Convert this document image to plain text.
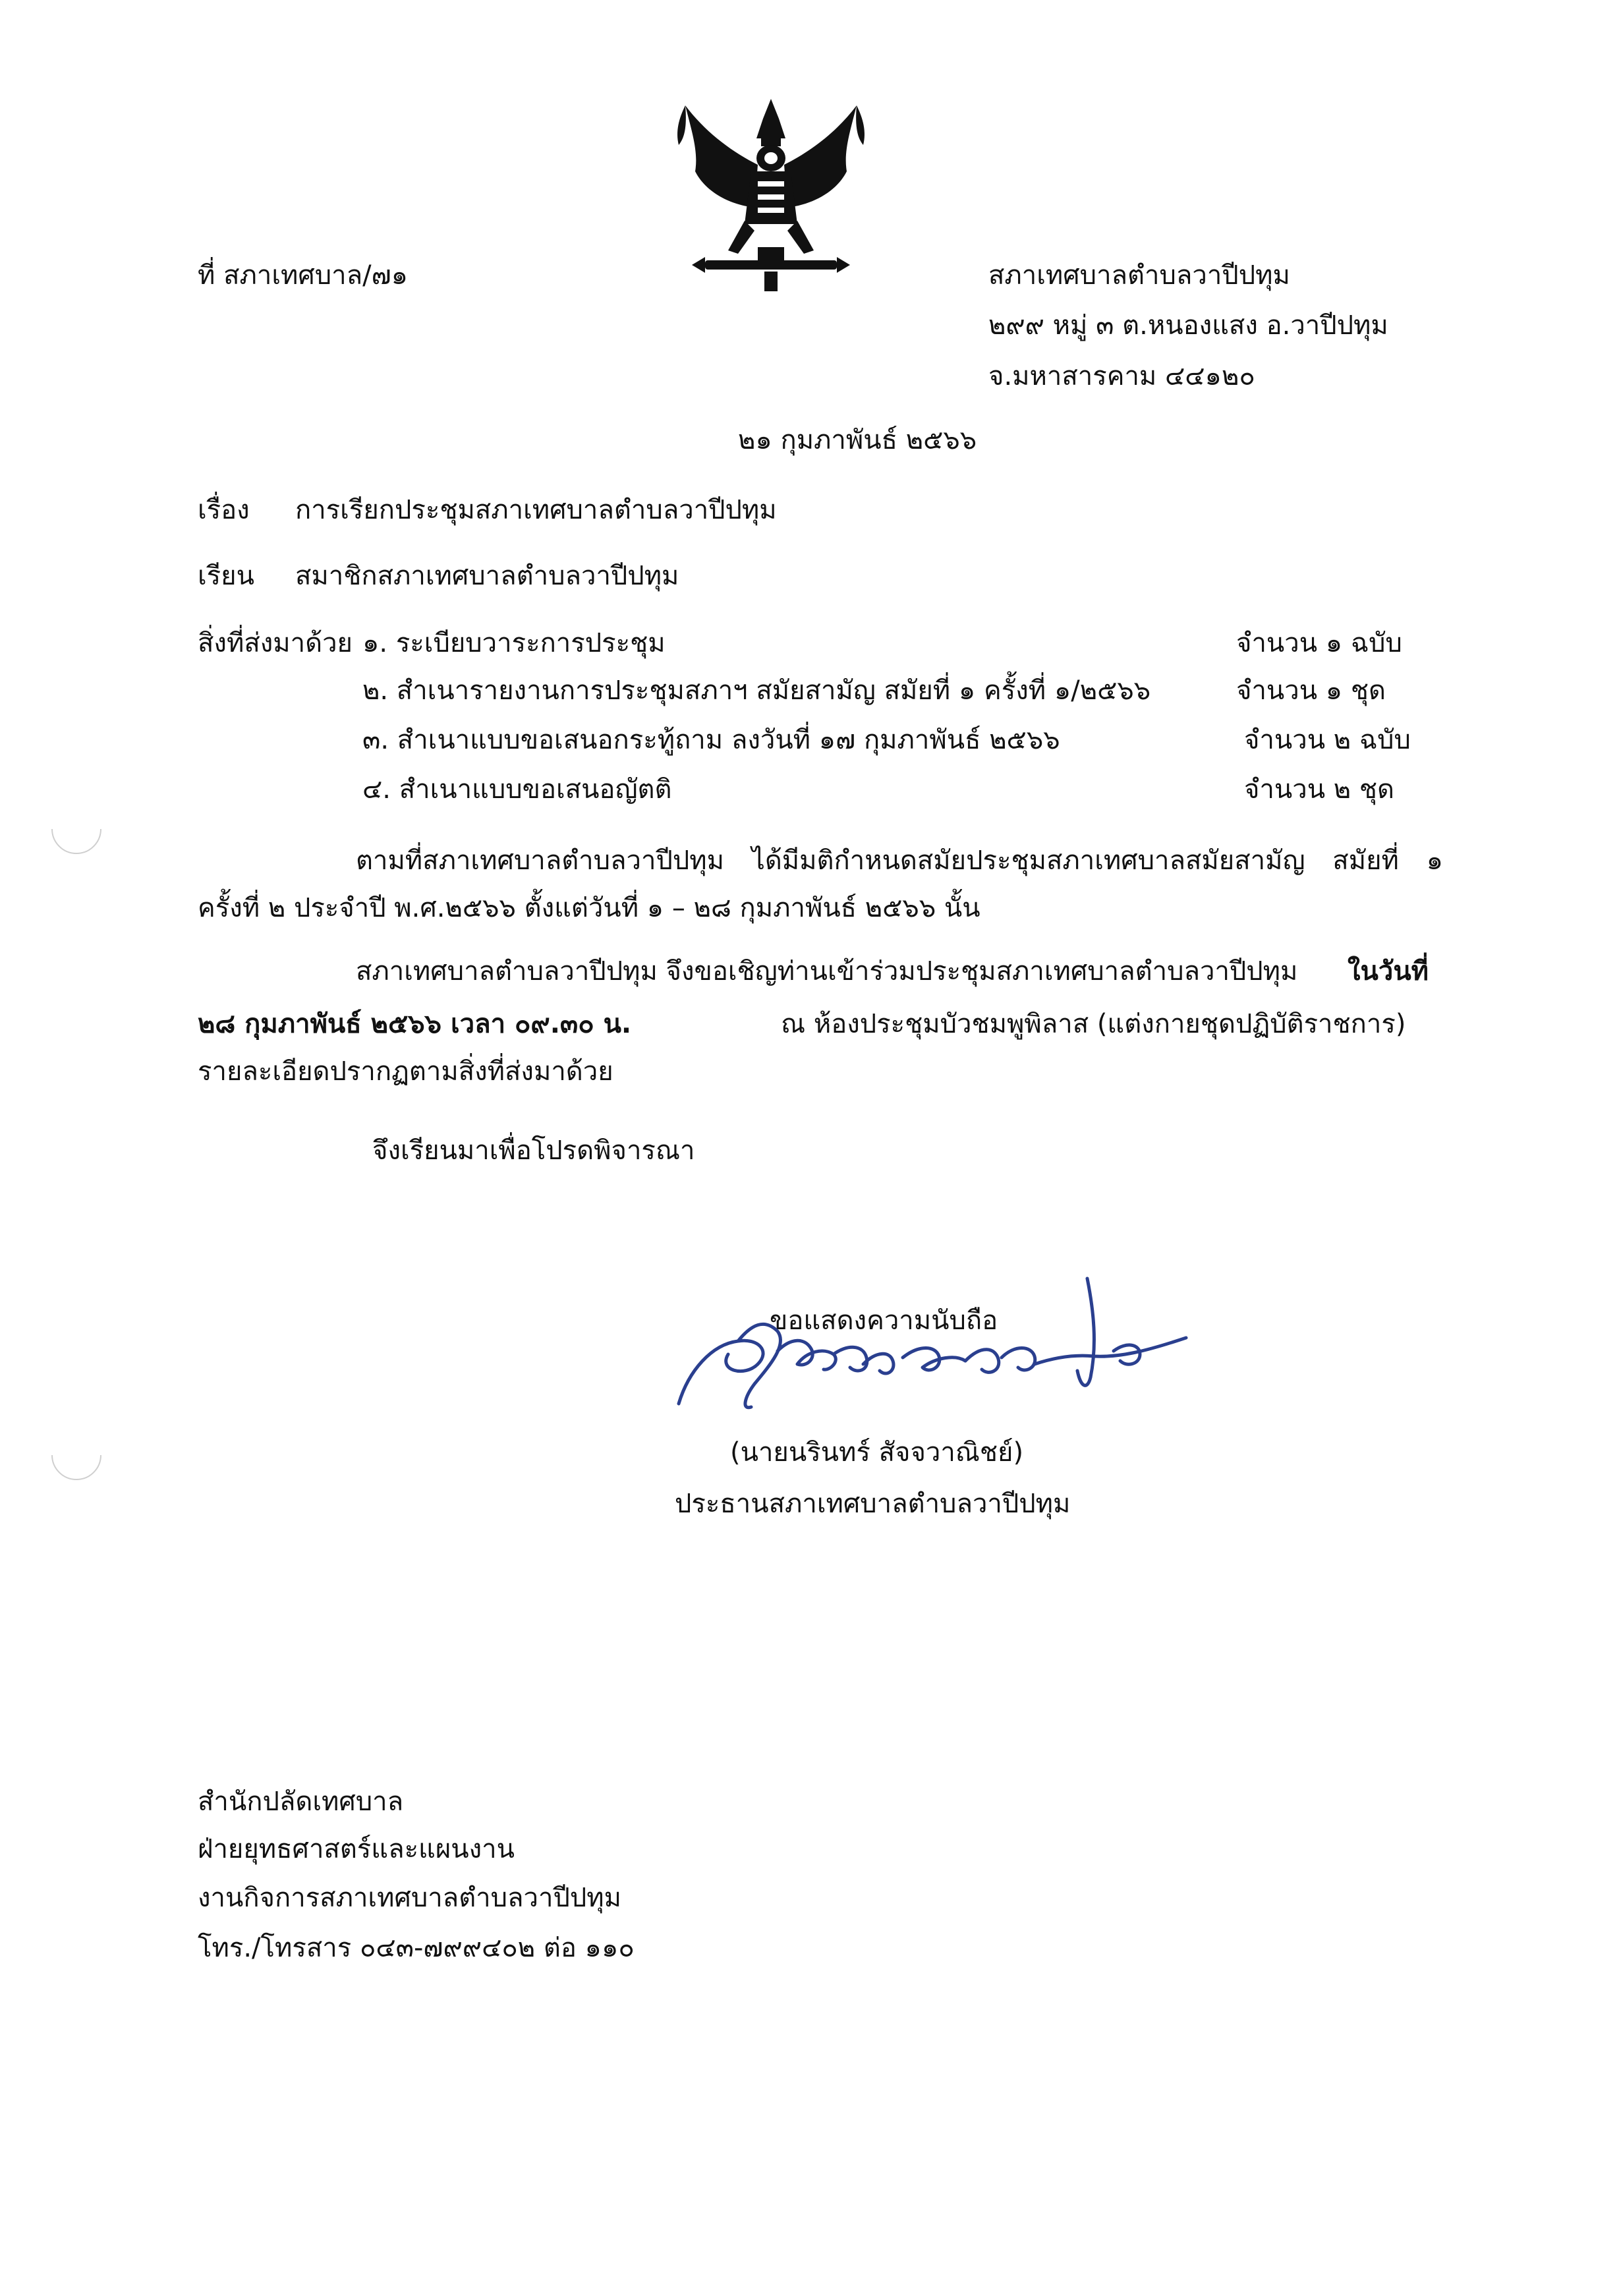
ที่ สภาเทศบาล/๗๑	สภาเทศบาลตำบลวาปีปทุม
๒๙๙ หมู่ ๓ ต.หนองแสง อ.วาปีปทุม
จ.มหาสารคาม ๔๔๑๒๐
๒๑ กุมภาพันธ์ ๒๕๖๖
เรื่อง การเรียกประชุมสภาเทศบาลตำบลวาปีปทุม
เรียน สมาชิกสภาเทศบาลตำบลวาปีปทุม
สิ่งที่ส่งมาด้วย ๑. ระเบียบวาระการประชุม	จำนวน ๑ ฉบับ
๒. สำเนารายงานการประชุมสภาฯ สมัยสามัญ สมัยที่ ๑ ครั้งที่ ๑/๒๕๖๖	จำนวน ๑ ชุด
๓. สำเนาแบบขอเสนอกระทู้ถาม ลงวันที่ ๑๗ กุมภาพันธ์ ๒๕๖๖	จำนวน ๒ ฉบับ
๔. สำเนาแบบขอเสนอญัตติ	จำนวน ๒ ชุด
ตามที่สภาเทศบาลตำบลวาปีปทุม ได้มีมติกำหนดสมัยประชุมสภาเทศบาลสมัยสามัญ สมัยที่ ๑
ครั้งที่ ๒ ประจำปี พ.ศ.๒๕๖๖ ตั้งแต่วันที่ ๑ – ๒๘ กุมภาพันธ์ ๒๕๖๖ นั้น
สภาเทศบาลตำบลวาปีปทุม จึงขอเชิญท่านเข้าร่วมประชุมสภาเทศบาลตำบลวาปีปทุม ในวันที่
๒๘ กุมภาพันธ์ ๒๕๖๖ เวลา ๐๙.๓๐ น.	ณ ห้องประชุมบัวชมพูพิลาส (แต่งกายชุดปฏิบัติราชการ)
รายละเอียดปรากฏตามสิ่งที่ส่งมาด้วย
จึงเรียนมาเพื่อโปรดพิจารณา
ขอแสดงความนับถือ
(นายนรินทร์ สัจจวาณิชย์)
ประธานสภาเทศบาลตำบลวาปีปทุม
สำนักปลัดเทศบาล
ฝ่ายยุทธศาสตร์และแผนงาน
งานกิจการสภาเทศบาลตำบลวาปีปทุม
โทร./โทรสาร ๐๔๓-๗๙๙๔๐๒ ต่อ ๑๑๐
